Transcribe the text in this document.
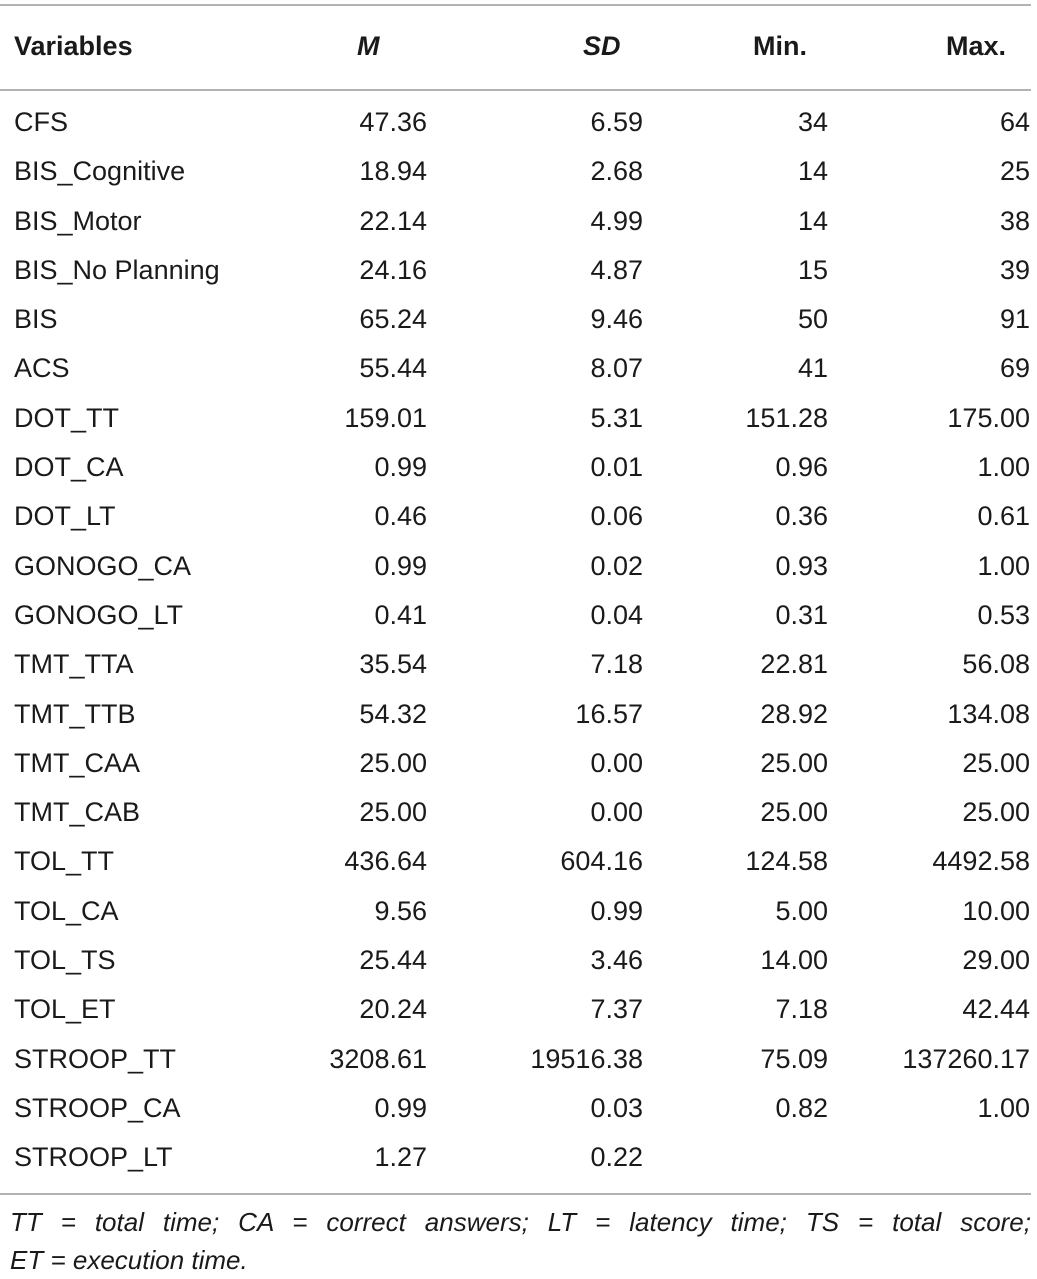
Variables	M	SD	Min.	Max.
CFS	47.36	6.59	34	64
BIS_Cognitive	18.94	2.68	14	25
BIS_Motor	22.14	4.99	14	38
BIS_No Planning	24.16	4.87	15	39
BIS	65.24	9.46	50	91
ACS	55.44	8.07	41	69
DOT_TT	159.01	5.31	151.28	175.00
DOT_CA	0.99	0.01	0.96	1.00
DOT_LT	0.46	0.06	0.36	0.61
GONOGO_CA	0.99	0.02	0.93	1.00
GONOGO_LT	0.41	0.04	0.31	0.53
TMT_TTA	35.54	7.18	22.81	56.08
TMT_TTB	54.32	16.57	28.92	134.08
TMT_CAA	25.00	0.00	25.00	25.00
TMT_CAB	25.00	0.00	25.00	25.00
TOL_TT	436.64	604.16	124.58	4492.58
TOL_CA	9.56	0.99	5.00	10.00
TOL_TS	25.44	3.46	14.00	29.00
TOL_ET	20.24	7.37	7.18	42.44
STROOP_TT	3208.61	19516.38	75.09	137260.17
STROOP_CA	0.99	0.03	0.82	1.00
STROOP_LT	1.27	0.22
TT = total time; CA = correct answers; LT = latency time; TS = total score;
ET = execution time.
